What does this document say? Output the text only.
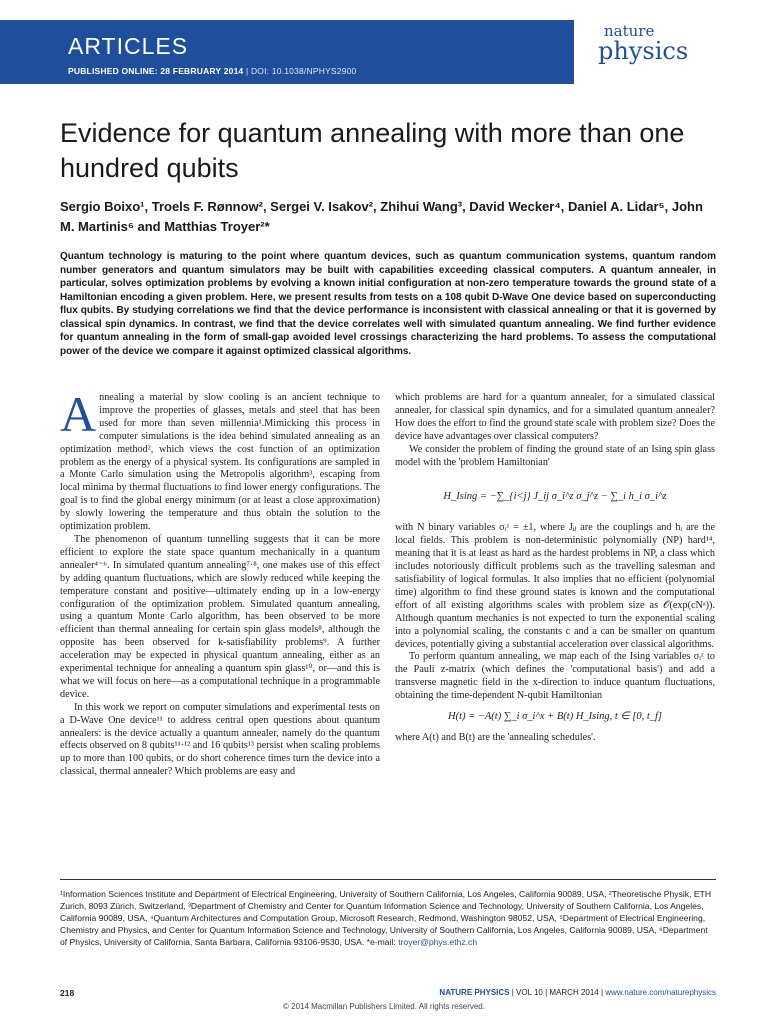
ARTICLES
PUBLISHED ONLINE: 28 FEBRUARY 2014 | DOI: 10.1038/NPHYS2900
nature
physics
Evidence for quantum annealing with more than one hundred qubits
Sergio Boixo¹, Troels F. Rønnow², Sergei V. Isakov², Zhihui Wang³, David Wecker⁴, Daniel A. Lidar⁵, John M. Martinis⁶ and Matthias Troyer²*

Quantum technology is maturing to the point where quantum devices, such as quantum communication systems, quantum random number generators and quantum simulators may be built with capabilities exceeding classical computers. A quantum annealer, in particular, solves optimization problems by evolving a known initial configuration at non-zero temperature towards the ground state of a Hamiltonian encoding a given problem. Here, we present results from tests on a 108 qubit D-Wave One device based on superconducting flux qubits. By studying correlations we find that the device performance is inconsistent with classical annealing or that it is governed by classical spin dynamics. In contrast, we find that the device correlates well with simulated quantum annealing. We find further evidence for quantum annealing in the form of small-gap avoided level crossings characterizing the hard problems. To assess the computational power of the device we compare it against optimized classical algorithms.

Annealing a material by slow cooling is an ancient technique to improve the properties of glasses, metals and steel that has been used for more than seven millennia¹.Mimicking this process in computer simulations is the idea behind simulated annealing as an optimization method², which views the cost function of an optimization problem as the energy of a physical system. Its configurations are sampled in a Monte Carlo simulation using the Metropolis algorithm³, escaping from local minima by thermal fluctuations to find lower energy configurations. The goal is to find the global energy minimum (or at least a close approximation) by slowly lowering the temperature and thus obtain the solution to the optimization problem.

The phenomenon of quantum tunnelling suggests that it can be more efficient to explore the state space quantum mechanically in a quantum annealer⁴⁻⁶. In simulated quantum annealing⁷·⁸, one makes use of this effect by adding quantum fluctuations, which are slowly reduced while keeping the temperature constant and positive—ultimately ending up in a low-energy configuration of the optimization problem. Simulated quantum annealing, using a quantum Monte Carlo algorithm, has been observed to be more efficient than thermal annealing for certain spin glass models⁸, although the opposite has been observed for k-satisfiability problems⁹. A further acceleration may be expected in physical quantum annealing, either as an experimental technique for annealing a quantum spin glass¹⁰, or—and this is what we will focus on here—as a computational technique in a programmable device.

In this work we report on computer simulations and experimental tests on a D-Wave One device¹¹ to address central open questions about quantum annealers: is the device actually a quantum annealer, namely do the quantum effects observed on 8 qubits¹¹·¹² and 16 qubits¹³ persist when scaling problems up to more than 100 qubits, or do short coherence times turn the device into a classical, thermal annealer? Which problems are easy and

which problems are hard for a quantum annealer, for a simulated classical annealer, for classical spin dynamics, and for a simulated quantum annealer? How does the effort to find the ground state scale with problem size? Does the device have advantages over classical computers?

We consider the problem of finding the ground state of an Ising spin glass model with the 'problem Hamiltonian'

H_Ising = −∑_{i<j} J_ij σ_i^z σ_j^z − ∑_i h_i σ_i^z

with N binary variables σᵢᶻ = ±1, where Jᵢⱼ are the couplings and hᵢ are the local fields. This problem is non-deterministic polynomially (NP) hard¹⁴, meaning that it is at least as hard as the hardest problems in NP, a class which includes notoriously difficult problems such as the travelling salesman and satisfiability of logical formulas. It also implies that no efficient (polynomial time) algorithm to find these ground states is known and the computational effort of all existing algorithms scales with problem size as 𝒪(exp(cNᵃ)). Although quantum mechanics is not expected to turn the exponential scaling into a polynomial scaling, the constants c and a can be smaller on quantum devices, potentially giving a substantial acceleration over classical algorithms.

To perform quantum annealing, we map each of the Ising variables σᵢᶻ to the Pauli z-matrix (which defines the 'computational basis') and add a transverse magnetic field in the x-direction to induce quantum fluctuations, obtaining the time-dependent N-qubit Hamiltonian

H(t) = −A(t) ∑_i σ_i^x + B(t) H_Ising, t ∈ [0, t_f]

where A(t) and B(t) are the 'annealing schedules'.

¹Information Sciences Institute and Department of Electrical Engineering, University of Southern California, Los Angeles, California 90089, USA, ²Theoretische Physik, ETH Zurich, 8093 Zürich, Switzerland, ³Department of Chemistry and Center for Quantum Information Science and Technology, University of Southern California, Los Angeles, California 90089, USA, ⁴Quantum Architectures and Computation Group, Microsoft Research, Redmond, Washington 98052, USA, ⁵Department of Electrical Engineering, Chemistry and Physics, and Center for Quantum Information Science and Technology, University of Southern California, Los Angeles, California 90089, USA, ⁶Department of Physics, University of California, Santa Barbara, California 93106-9530, USA. *e-mail: troyer@phys.ethz.ch

218	NATURE PHYSICS | VOL 10 | MARCH 2014 | www.nature.com/naturephysics
© 2014 Macmillan Publishers Limited. All rights reserved.
